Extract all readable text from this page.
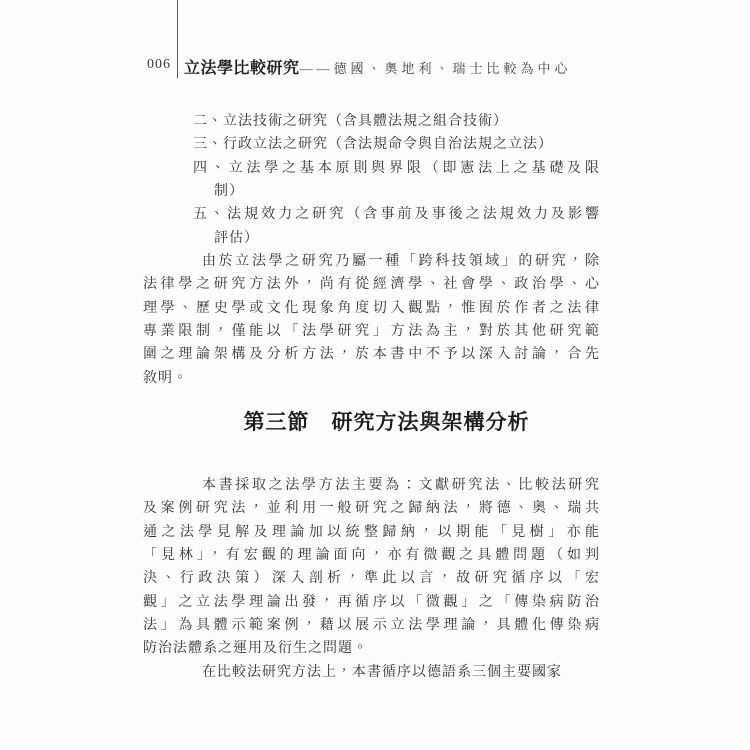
006 立法學比較研究——德國、奧地利、瑞士比較為中心
二、立法技術之研究（含具體法規之組合技術）
三、行政立法之研究（含法規命令與自治法規之立法）
四、立法學之基本原則與界限（即憲法上之基礎及限
制）
五、法規效力之研究（含事前及事後之法規效力及影響
評估）
由於立法學之研究乃屬一種「跨科技領域」的研究，除
法律學之研究方法外，尚有從經濟學、社會學、政治學、心
理學、歷史學或文化現象角度切入觀點，惟囿於作者之法律
專業限制，僅能以「法學研究」方法為主，對於其他研究範
圍之理論架構及分析方法，於本書中不予以深入討論，合先
敘明。
第三節　研究方法與架構分析
本書採取之法學方法主要為：文獻研究法、比較法研究
及案例研究法，並利用一般研究之歸納法，將德、奧、瑞共
通之法學見解及理論加以統整歸納，以期能「見樹」亦能
「見林」，有宏觀的理論面向，亦有微觀之具體問題（如判
決、行政決策）深入剖析，準此以言，故研究循序以「宏
觀」之立法學理論出發，再循序以「微觀」之「傳染病防治
法」為具體示範案例，藉以展示立法學理論，具體化傳染病
防治法體系之運用及衍生之問題。
在比較法研究方法上，本書循序以德語系三個主要國家
